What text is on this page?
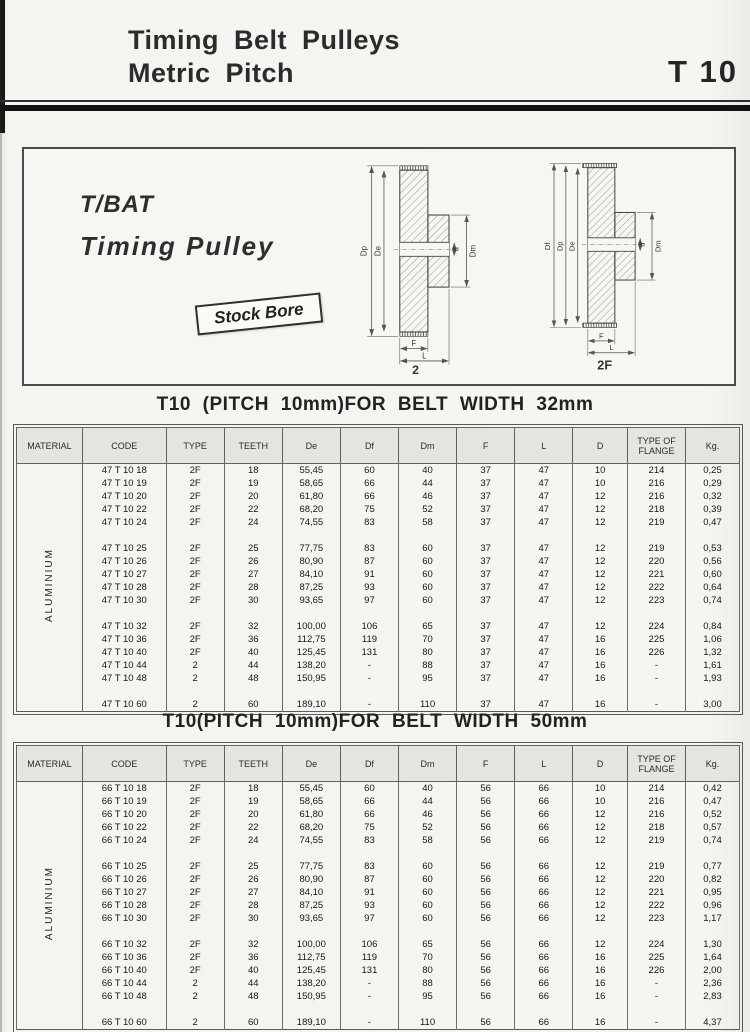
Timing Belt Pulleys
Metric Pitch	T 10
T/BAT
Timing Pulley
Stock Bore
Dp De	d Dm
F
L
2
Df Dp De	d Dm
F
L
2F
T10 (PITCH 10mm)FOR BELT WIDTH 32mm
MATERIAL	CODE	TYPE	TEETH	De	Df	Dm	F	L	D	TYPE OF FLANGE	Kg.
ALUMINIUM	47 T 10 18	2F	18	55,45	60	40	37	47	10	214	0,25
	47 T 10 19	2F	19	58,65	66	44	37	47	10	216	0,29
	47 T 10 20	2F	20	61,80	66	46	37	47	12	216	0,32
	47 T 10 22	2F	22	68,20	75	52	37	47	12	218	0,39
	47 T 10 24	2F	24	74,55	83	58	37	47	12	219	0,47

	47 T 10 25	2F	25	77,75	83	60	37	47	12	219	0,53
	47 T 10 26	2F	26	80,90	87	60	37	47	12	220	0,56
	47 T 10 27	2F	27	84,10	91	60	37	47	12	221	0,60
	47 T 10 28	2F	28	87,25	93	60	37	47	12	222	0,64
	47 T 10 30	2F	30	93,65	97	60	37	47	12	223	0,74

	47 T 10 32	2F	32	100,00	106	65	37	47	12	224	0,84
	47 T 10 36	2F	36	112,75	119	70	37	47	16	225	1,06
	47 T 10 40	2F	40	125,45	131	80	37	47	16	226	1,32
	47 T 10 44	2	44	138,20	-	88	37	47	16	-	1,61
	47 T 10 48	2	48	150,95	-	95	37	47	16	-	1,93

	47 T 10 60	2	60	189,10	-	110	37	47	16	-	3,00
T10(PITCH 10mm)FOR BELT WIDTH 50mm
MATERIAL	CODE	TYPE	TEETH	De	Df	Dm	F	L	D	TYPE OF FLANGE	Kg.
ALUMINIUM	66 T 10 18	2F	18	55,45	60	40	56	66	10	214	0,42
	66 T 10 19	2F	19	58,65	66	44	56	66	10	216	0,47
	66 T 10 20	2F	20	61,80	66	46	56	66	12	216	0,52
	66 T 10 22	2F	22	68,20	75	52	56	66	12	218	0,57
	66 T 10 24	2F	24	74,55	83	58	56	66	12	219	0,74

	66 T 10 25	2F	25	77,75	83	60	56	66	12	219	0,77
	66 T 10 26	2F	26	80,90	87	60	56	66	12	220	0,82
	66 T 10 27	2F	27	84,10	91	60	56	66	12	221	0,95
	66 T 10 28	2F	28	87,25	93	60	56	66	12	222	0,96
	66 T 10 30	2F	30	93,65	97	60	56	66	12	223	1,17

	66 T 10 32	2F	32	100,00	106	65	56	66	12	224	1,30
	66 T 10 36	2F	36	112,75	119	70	56	66	16	225	1,64
	66 T 10 40	2F	40	125,45	131	80	56	66	16	226	2,00
	66 T 10 44	2	44	138,20	-	88	56	66	16	-	2,36
	66 T 10 48	2	48	150,95	-	95	56	66	16	-	2,83

	66 T 10 60	2	60	189,10	-	110	56	66	16	-	4,37
